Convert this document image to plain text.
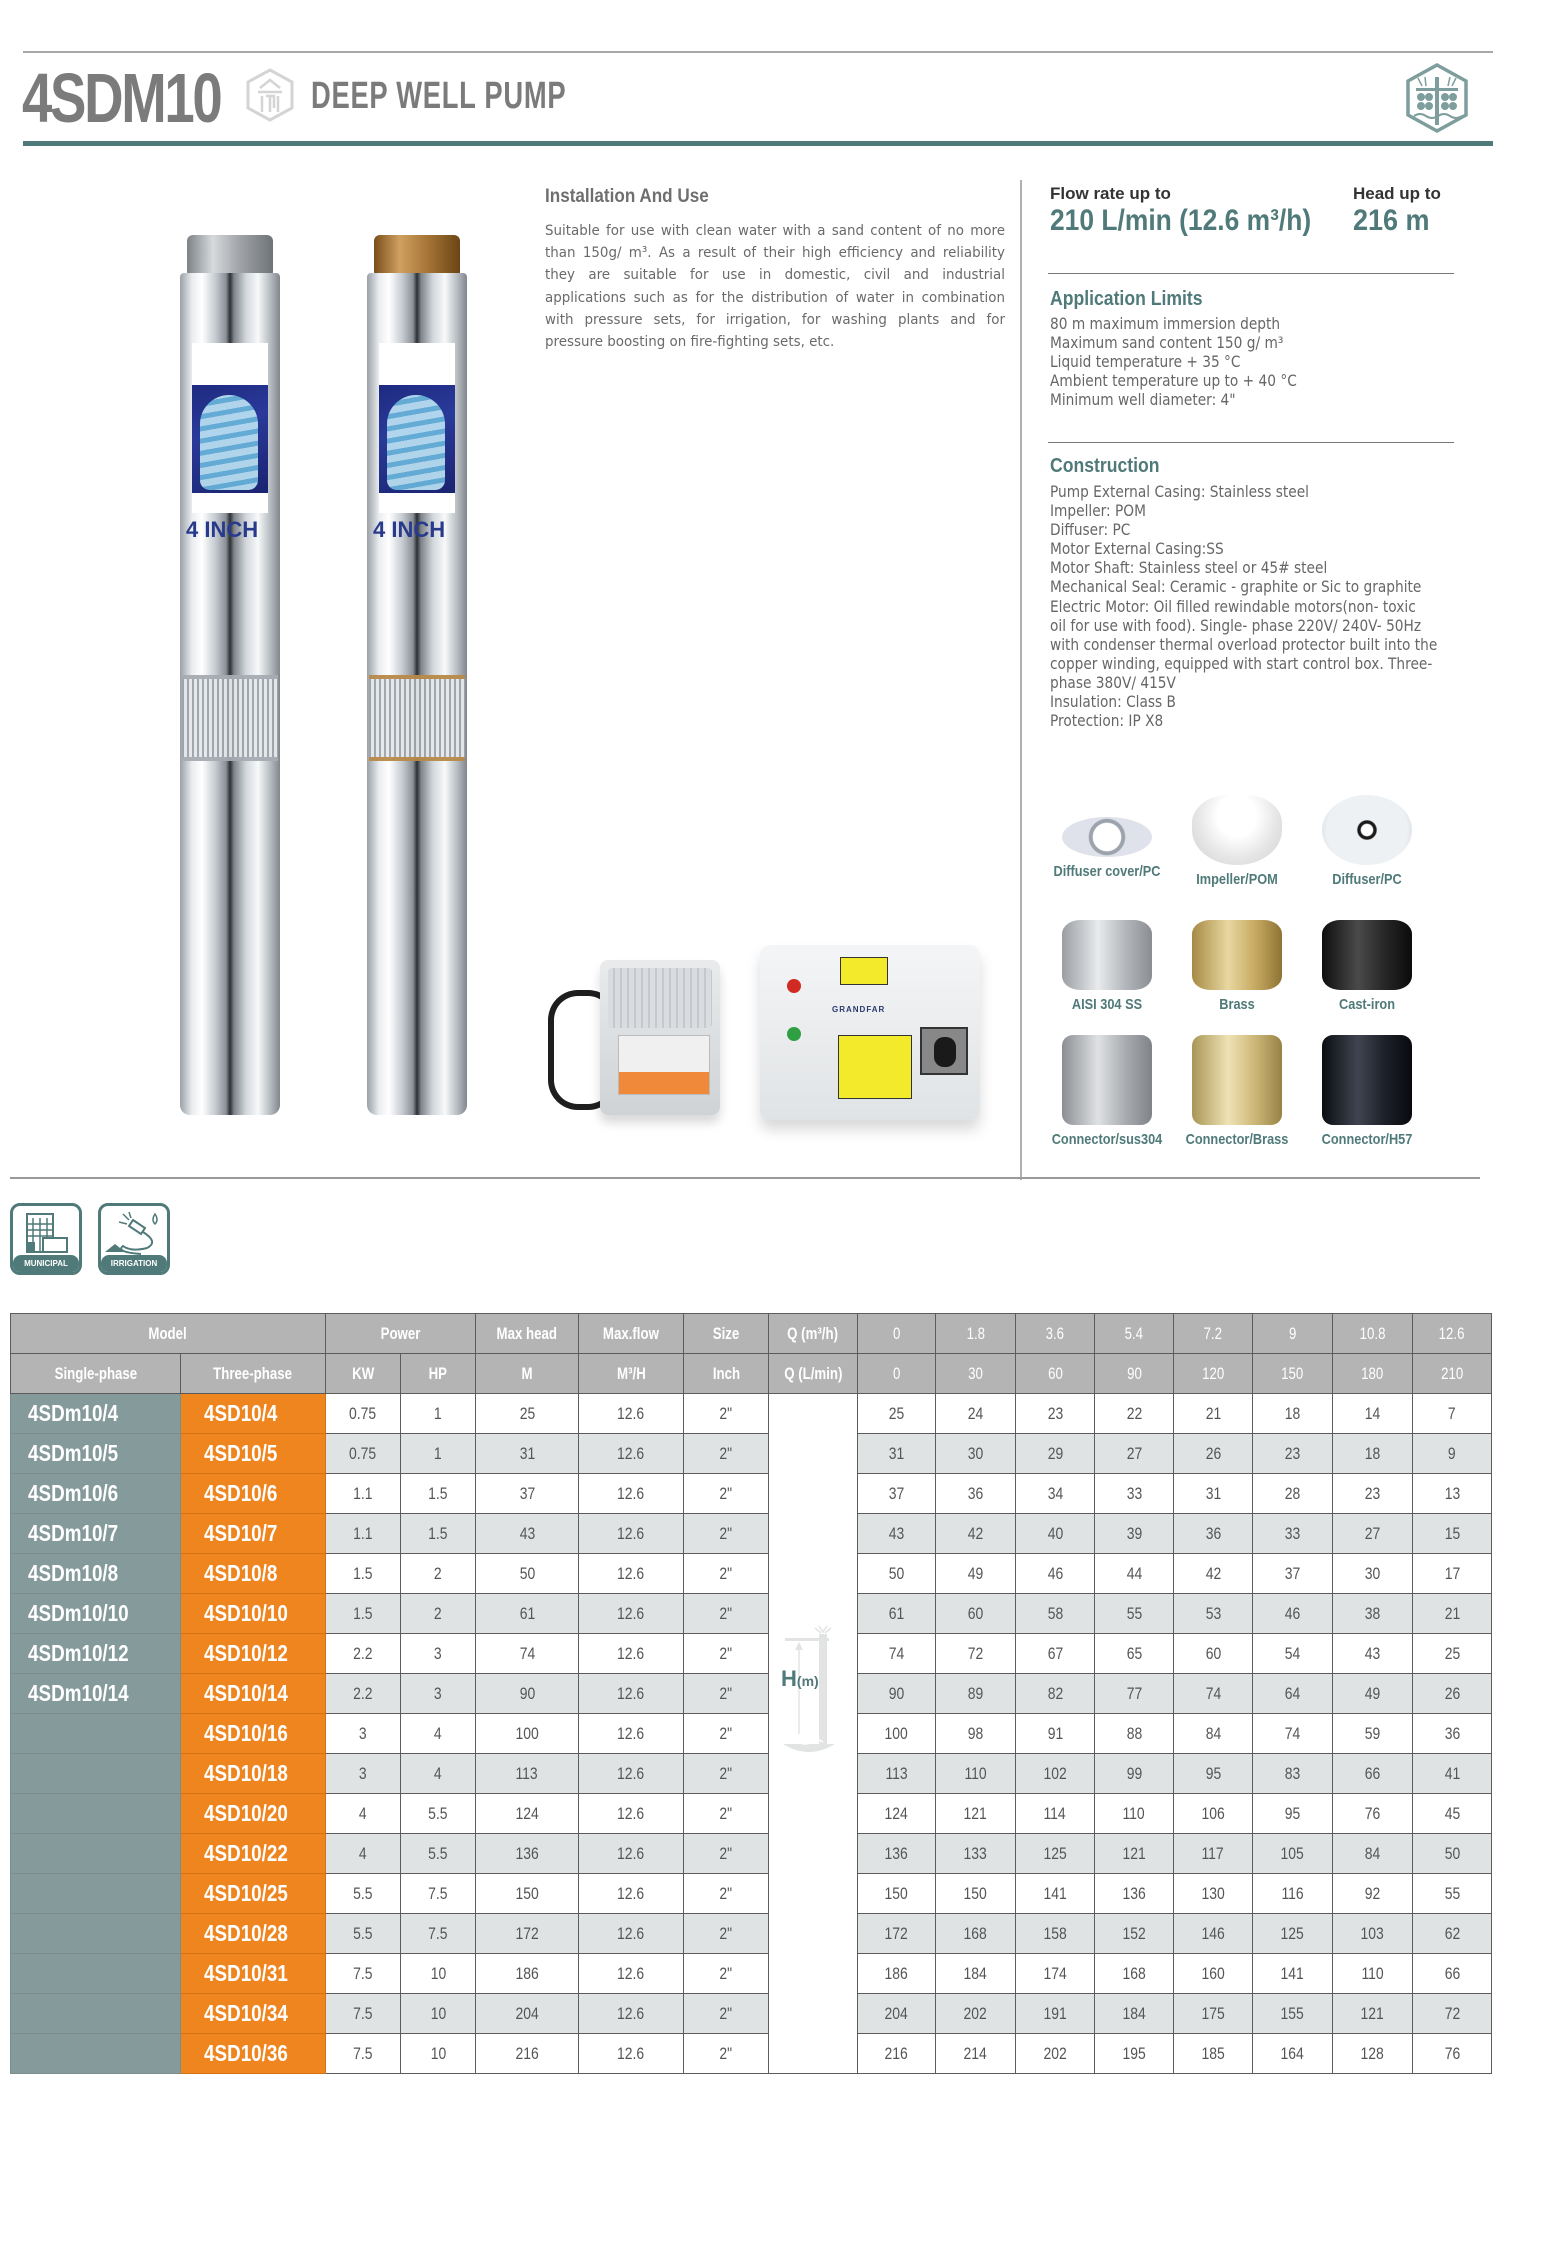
4SDM10 DEEP WELL PUMP
4 INCH	4 INCH
GRANDFAR
Installation And Use
Suitable for use with clean water with a sand content of no more than 150g/ m³. As a result of their high efficiency and reliability they are suitable for use in domestic, civil and industrial applications such as for the distribution of water in combination with pressure sets, for irrigation, for washing plants and for pressure boosting on fire-fighting sets, etc.
Flow rate up to
210 L/min (12.6 m³/h)
Head up to
216 m
Application Limits
80 m maximum immersion depth
Maximum sand content 150 g/ m³
Liquid temperature + 35 °C
Ambient temperature up to + 40 °C
Minimum well diameter: 4"
Construction
Pump External Casing: Stainless steel
Impeller: POM
Diffuser: PC
Motor External Casing:SS
Motor Shaft: Stainless steel or 45# steel
Mechanical Seal: Ceramic - graphite or Sic to graphite
Electric Motor: Oil filled rewindable motors(non- toxic
oil for use with food). Single- phase 220V/ 240V- 50Hz
with condenser thermal overload protector built into the
copper winding, equipped with start control box. Three-
phase 380V/ 415V
Insulation: Class B
Protection: IP X8
Diffuser cover/PC	Impeller/POM	Diffuser/PC
AISI 304 SS	Brass	Cast-iron
Connector/sus304	Connector/Brass	Connector/H57
MUNICIPAL	IRRIGATION
Model		Power		Max head	Max.flow	Size	Q (m³/h)	0	1.8	3.6	5.4	7.2	9	10.8	12.6
Single-phase	Three-phase	KW	HP	M	M³/H	Inch	Q (L/min)	0	30	60	90	120	150	180	210
4SDm10/4	4SD10/4	0.75	1	25	12.6	2"	H(m)	25	24	23	22	21	18	14	7
4SDm10/5	4SD10/5	0.75	1	31	12.6	2"		31	30	29	27	26	23	18	9
4SDm10/6	4SD10/6	1.1	1.5	37	12.6	2"		37	36	34	33	31	28	23	13
4SDm10/7	4SD10/7	1.1	1.5	43	12.6	2"		43	42	40	39	36	33	27	15
4SDm10/8	4SD10/8	1.5	2	50	12.6	2"		50	49	46	44	42	37	30	17
4SDm10/10	4SD10/10	1.5	2	61	12.6	2"		61	60	58	55	53	46	38	21
4SDm10/12	4SD10/12	2.2	3	74	12.6	2"		74	72	67	65	60	54	43	25
4SDm10/14	4SD10/14	2.2	3	90	12.6	2"		90	89	82	77	74	64	49	26
	4SD10/16	3	4	100	12.6	2"		100	98	91	88	84	74	59	36
	4SD10/18	3	4	113	12.6	2"		113	110	102	99	95	83	66	41
	4SD10/20	4	5.5	124	12.6	2"		124	121	114	110	106	95	76	45
	4SD10/22	4	5.5	136	12.6	2"		136	133	125	121	117	105	84	50
	4SD10/25	5.5	7.5	150	12.6	2"		150	150	141	136	130	116	92	55
	4SD10/28	5.5	7.5	172	12.6	2"		172	168	158	152	146	125	103	62
	4SD10/31	7.5	10	186	12.6	2"		186	184	174	168	160	141	110	66
	4SD10/34	7.5	10	204	12.6	2"		204	202	191	184	175	155	121	72
	4SD10/36	7.5	10	216	12.6	2"		216	214	202	195	185	164	128	76
